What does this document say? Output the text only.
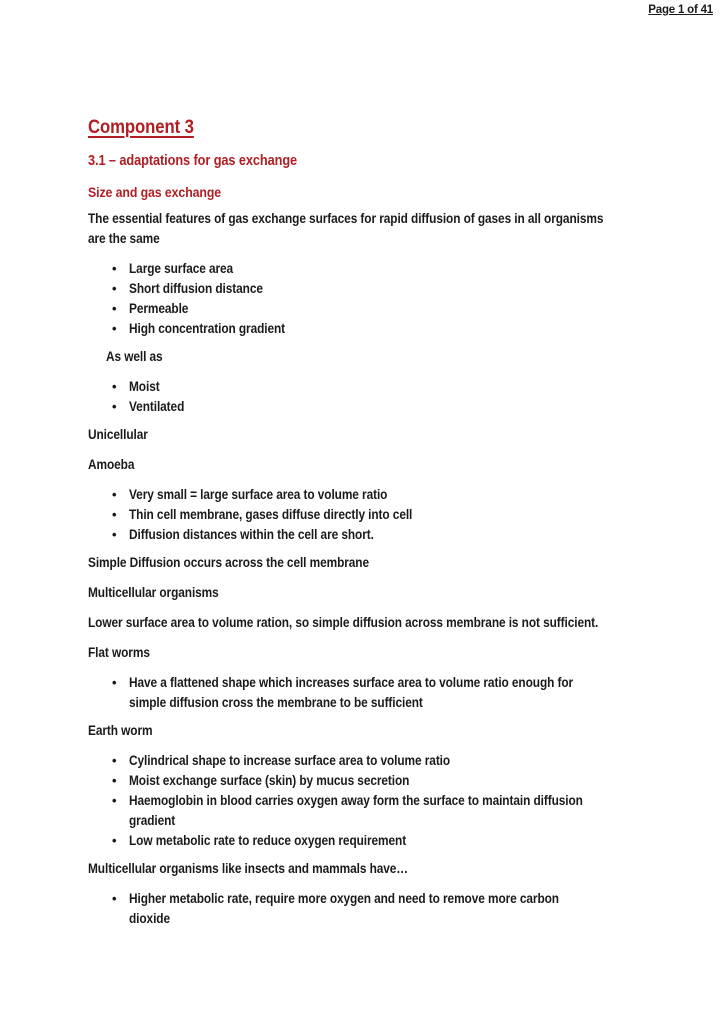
Page 1 of 41
Component 3
3.1 – adaptations for gas exchange
Size and gas exchange
The essential features of gas exchange surfaces for rapid diffusion of gases in all organisms
are the same
• Large surface area
• Short diffusion distance
• Permeable
• High concentration gradient
As well as
• Moist
• Ventilated
Unicellular
Amoeba
• Very small = large surface area to volume ratio
• Thin cell membrane, gases diffuse directly into cell
• Diffusion distances within the cell are short.
Simple Diffusion occurs across the cell membrane
Multicellular organisms
Lower surface area to volume ration, so simple diffusion across membrane is not sufficient.
Flat worms
• Have a flattened shape which increases surface area to volume ratio enough for
simple diffusion cross the membrane to be sufficient
Earth worm
• Cylindrical shape to increase surface area to volume ratio
• Moist exchange surface (skin) by mucus secretion
• Haemoglobin in blood carries oxygen away form the surface to maintain diffusion
gradient
• Low metabolic rate to reduce oxygen requirement
Multicellular organisms like insects and mammals have…
• Higher metabolic rate, require more oxygen and need to remove more carbon
dioxide
